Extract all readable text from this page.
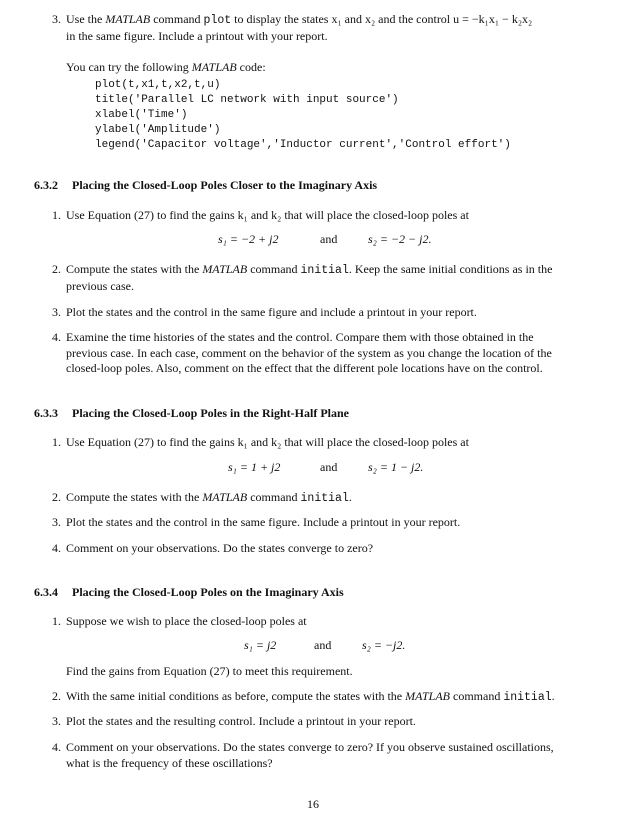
3. Use the MATLAB command plot to display the states x₁ and x₂ and the control u = −k₁x₁ − k₂x₂
in the same figure. Include a printout with your report.
You can try the following MATLAB code:
plot(t,x1,t,x2,t,u)
title('Parallel LC network with input source')
xlabel('Time')
ylabel('Amplitude')
legend('Capacitor voltage','Inductor current','Control effort')
6.3.2 Placing the Closed-Loop Poles Closer to the Imaginary Axis
1. Use Equation (27) to find the gains k₁ and k₂ that will place the closed-loop poles at
s₁ = −2 + j2	and	s₂ = −2 − j2.
2. Compute the states with the MATLAB command initial. Keep the same initial conditions as in the
previous case.
3. Plot the states and the control in the same figure and include a printout in your report.
4. Examine the time histories of the states and the control. Compare them with those obtained in the
previous case. In each case, comment on the behavior of the system as you change the location of the
closed-loop poles. Also, comment on the effect that the different pole locations have on the control.
6.3.3 Placing the Closed-Loop Poles in the Right-Half Plane
1. Use Equation (27) to find the gains k₁ and k₂ that will place the closed-loop poles at
s₁ = 1 + j2	and	s₂ = 1 − j2.
2. Compute the states with the MATLAB command initial.
3. Plot the states and the control in the same figure. Include a printout in your report.
4. Comment on your observations. Do the states converge to zero?
6.3.4 Placing the Closed-Loop Poles on the Imaginary Axis
1. Suppose we wish to place the closed-loop poles at
s₁ = j2	and	s₂ = −j2.
Find the gains from Equation (27) to meet this requirement.
2. With the same initial conditions as before, compute the states with the MATLAB command initial.
3. Plot the states and the resulting control. Include a printout in your report.
4. Comment on your observations. Do the states converge to zero? If you observe sustained oscillations,
what is the frequency of these oscillations?
16
